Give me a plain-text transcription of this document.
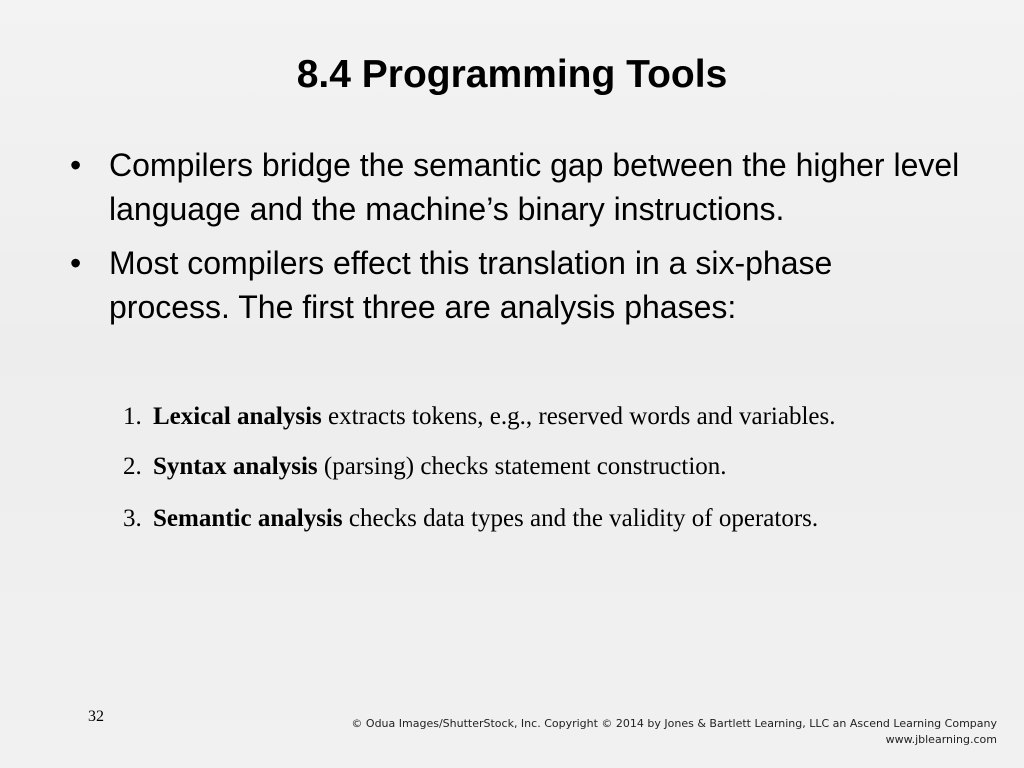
8.4 Programming Tools
• Compilers bridge the semantic gap between the higher level language and the machine’s binary instructions.
• Most compilers effect this translation in a six-phase process. The first three are analysis phases:
1. Lexical analysis extracts tokens, e.g., reserved words and variables.
2. Syntax analysis (parsing) checks statement construction.
3. Semantic analysis checks data types and the validity of operators.
32	© Odua Images/ShutterStock, Inc. Copyright © 2014 by Jones & Bartlett Learning, LLC an Ascend Learning Company
www.jblearning.com
